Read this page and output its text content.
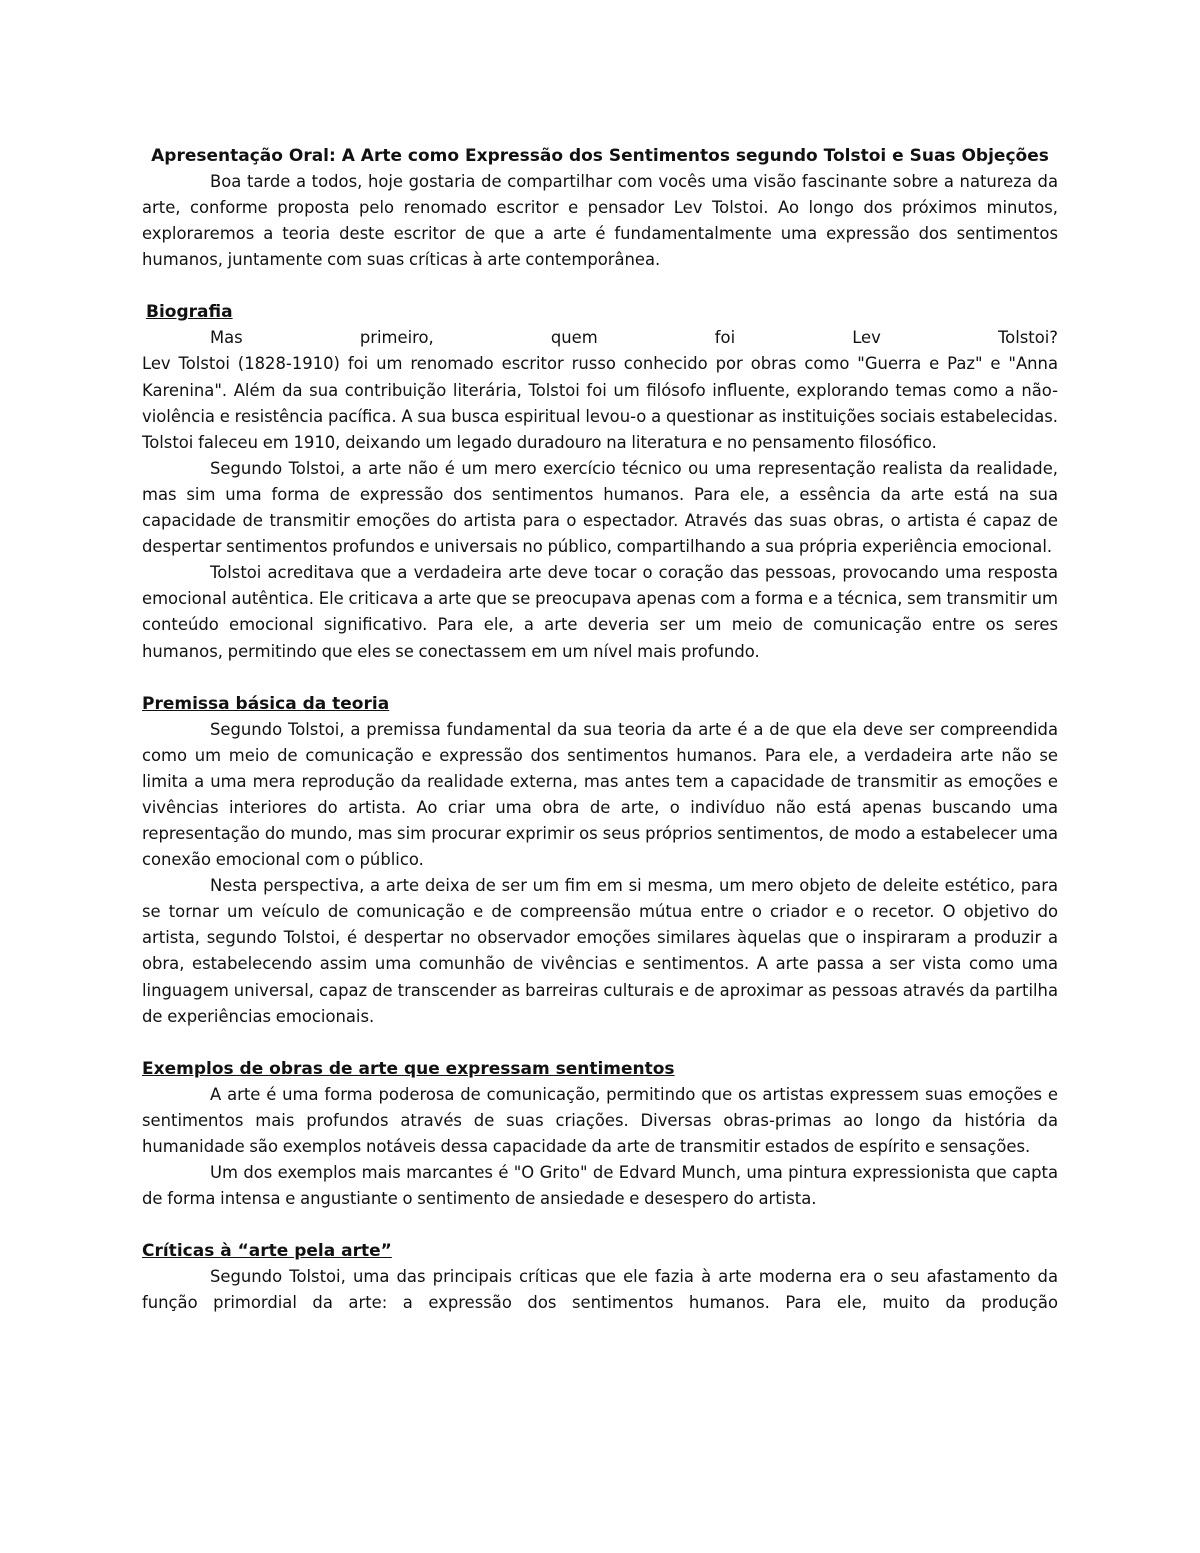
Apresentação Oral: A Arte como Expressão dos Sentimentos segundo Tolstoi e Suas Objeções

Boa tarde a todos, hoje gostaria de compartilhar com vocês uma visão fascinante sobre a natureza da arte, conforme proposta pelo renomado escritor e pensador Lev Tolstoi. Ao longo dos próximos minutos, exploraremos a teoria deste escritor de que a arte é fundamentalmente uma expressão dos sentimentos humanos, juntamente com suas críticas à arte contemporânea.

Biografia

Mas primeiro, quem foi Lev Tolstoi?

Lev Tolstoi (1828-1910) foi um renomado escritor russo conhecido por obras como "Guerra e Paz" e "Anna Karenina". Além da sua contribuição literária, Tolstoi foi um filósofo influente, explorando temas como a não-violência e resistência pacífica. A sua busca espiritual levou-o a questionar as instituições sociais estabelecidas. Tolstoi faleceu em 1910, deixando um legado duradouro na literatura e no pensamento filosófico.

Segundo Tolstoi, a arte não é um mero exercício técnico ou uma representação realista da realidade, mas sim uma forma de expressão dos sentimentos humanos. Para ele, a essência da arte está na sua capacidade de transmitir emoções do artista para o espectador. Através das suas obras, o artista é capaz de despertar sentimentos profundos e universais no público, compartilhando a sua própria experiência emocional.

Tolstoi acreditava que a verdadeira arte deve tocar o coração das pessoas, provocando uma resposta emocional autêntica. Ele criticava a arte que se preocupava apenas com a forma e a técnica, sem transmitir um conteúdo emocional significativo. Para ele, a arte deveria ser um meio de comunicação entre os seres humanos, permitindo que eles se conectassem em um nível mais profundo.

Premissa básica da teoria

Segundo Tolstoi, a premissa fundamental da sua teoria da arte é a de que ela deve ser compreendida como um meio de comunicação e expressão dos sentimentos humanos. Para ele, a verdadeira arte não se limita a uma mera reprodução da realidade externa, mas antes tem a capacidade de transmitir as emoções e vivências interiores do artista. Ao criar uma obra de arte, o indivíduo não está apenas buscando uma representação do mundo, mas sim procurar exprimir os seus próprios sentimentos, de modo a estabelecer uma conexão emocional com o público.

Nesta perspectiva, a arte deixa de ser um fim em si mesma, um mero objeto de deleite estético, para se tornar um veículo de comunicação e de compreensão mútua entre o criador e o recetor. O objetivo do artista, segundo Tolstoi, é despertar no observador emoções similares àquelas que o inspiraram a produzir a obra, estabelecendo assim uma comunhão de vivências e sentimentos. A arte passa a ser vista como uma linguagem universal, capaz de transcender as barreiras culturais e de aproximar as pessoas através da partilha de experiências emocionais.

Exemplos de obras de arte que expressam sentimentos

A arte é uma forma poderosa de comunicação, permitindo que os artistas expressem suas emoções e sentimentos mais profundos através de suas criações. Diversas obras-primas ao longo da história da humanidade são exemplos notáveis dessa capacidade da arte de transmitir estados de espírito e sensações.

Um dos exemplos mais marcantes é "O Grito" de Edvard Munch, uma pintura expressionista que capta de forma intensa e angustiante o sentimento de ansiedade e desespero do artista.

Críticas à “arte pela arte”

Segundo Tolstoi, uma das principais críticas que ele fazia à arte moderna era o seu afastamento da função primordial da arte: a expressão dos sentimentos humanos. Para ele, muito da produção
